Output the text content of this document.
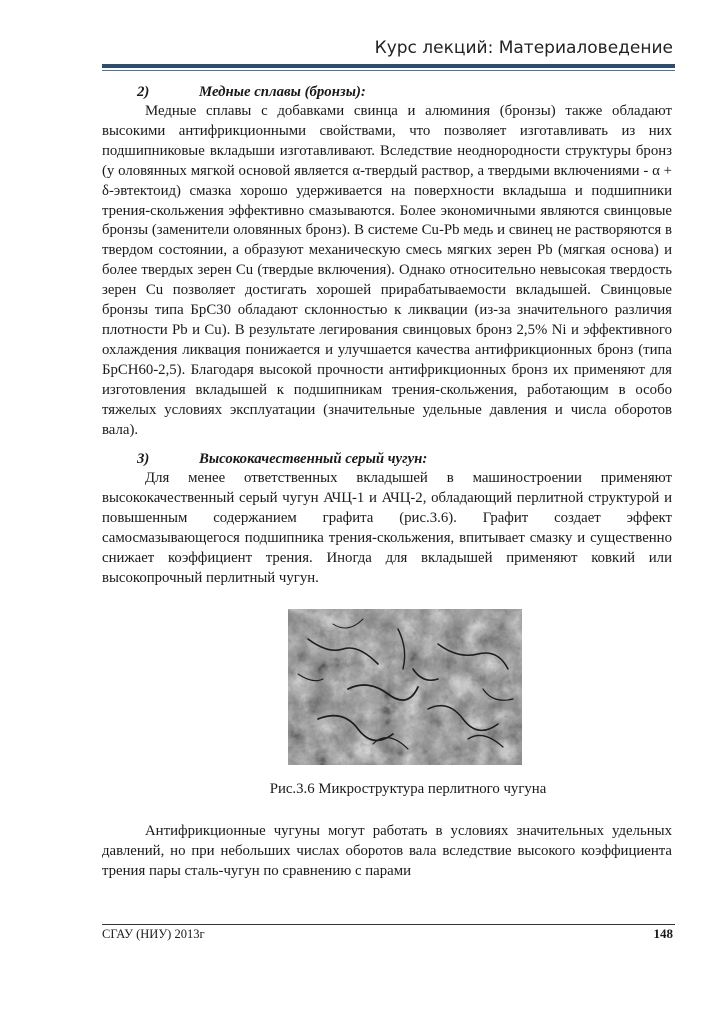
Курс лекций: Материаловедение

2)	Медные сплавы (бронзы):

Медные сплавы с добавками свинца и алюминия (бронзы) также обладают высокими антифрикционными свойствами, что позволяет изготавливать из них подшипниковые вкладыши изготавливают. Вследствие неоднородности структуры бронз (у оловянных мягкой основой является α-твердый раствор, а твердыми включениями - α + δ-эвтектоид) смазка хорошо удерживается на поверхности вкладыша и подшипники трения-скольжения эффективно смазываются. Более экономичными являются свинцовые бронзы (заменители оловянных бронз). В системе Cu-Pb медь и свинец не растворяются в твердом состоянии, а образуют механическую смесь мягких зерен Pb (мягкая основа) и более твердых зерен Cu (твердые включения). Однако относительно невысокая твердость зерен Cu позволяет достигать хорошей прирабатываемости вкладышей. Свинцовые бронзы типа БрС30 обладают склонностью к ликвации (из-за значительного различия плотности Pb и Cu). В результате легирования свинцовых бронз 2,5% Ni и эффективного охлаждения ликвация понижается и улучшается качества антифрикционных бронз (типа БрСН60-2,5). Благодаря высокой прочности антифрикционных бронз их применяют для изготовления вкладышей к подшипникам трения-скольжения, работающим в особо тяжелых условиях эксплуатации (значительные удельные давления и числа оборотов вала).

3)	Высококачественный серый чугун:

Для менее ответственных вкладышей в машиностроении применяют высококачественный серый чугун АЧЦ-1 и АЧЦ-2, обладающий перлитной структурой и повышенным содержанием графита (рис.3.6). Графит создает эффект самосмазывающегося подшипника трения-скольжения, впитывает смазку и существенно снижает коэффициент трения. Иногда для вкладышей применяют ковкий или высокопрочный перлитный чугун.

Рис.3.6 Микроструктура перлитного чугуна

Антифрикционные чугуны могут работать в условиях значительных удельных давлений, но при небольших числах оборотов вала вследствие высокого коэффициента трения пары сталь-чугун по сравнению с парами

СГАУ (НИУ) 2013г	148
